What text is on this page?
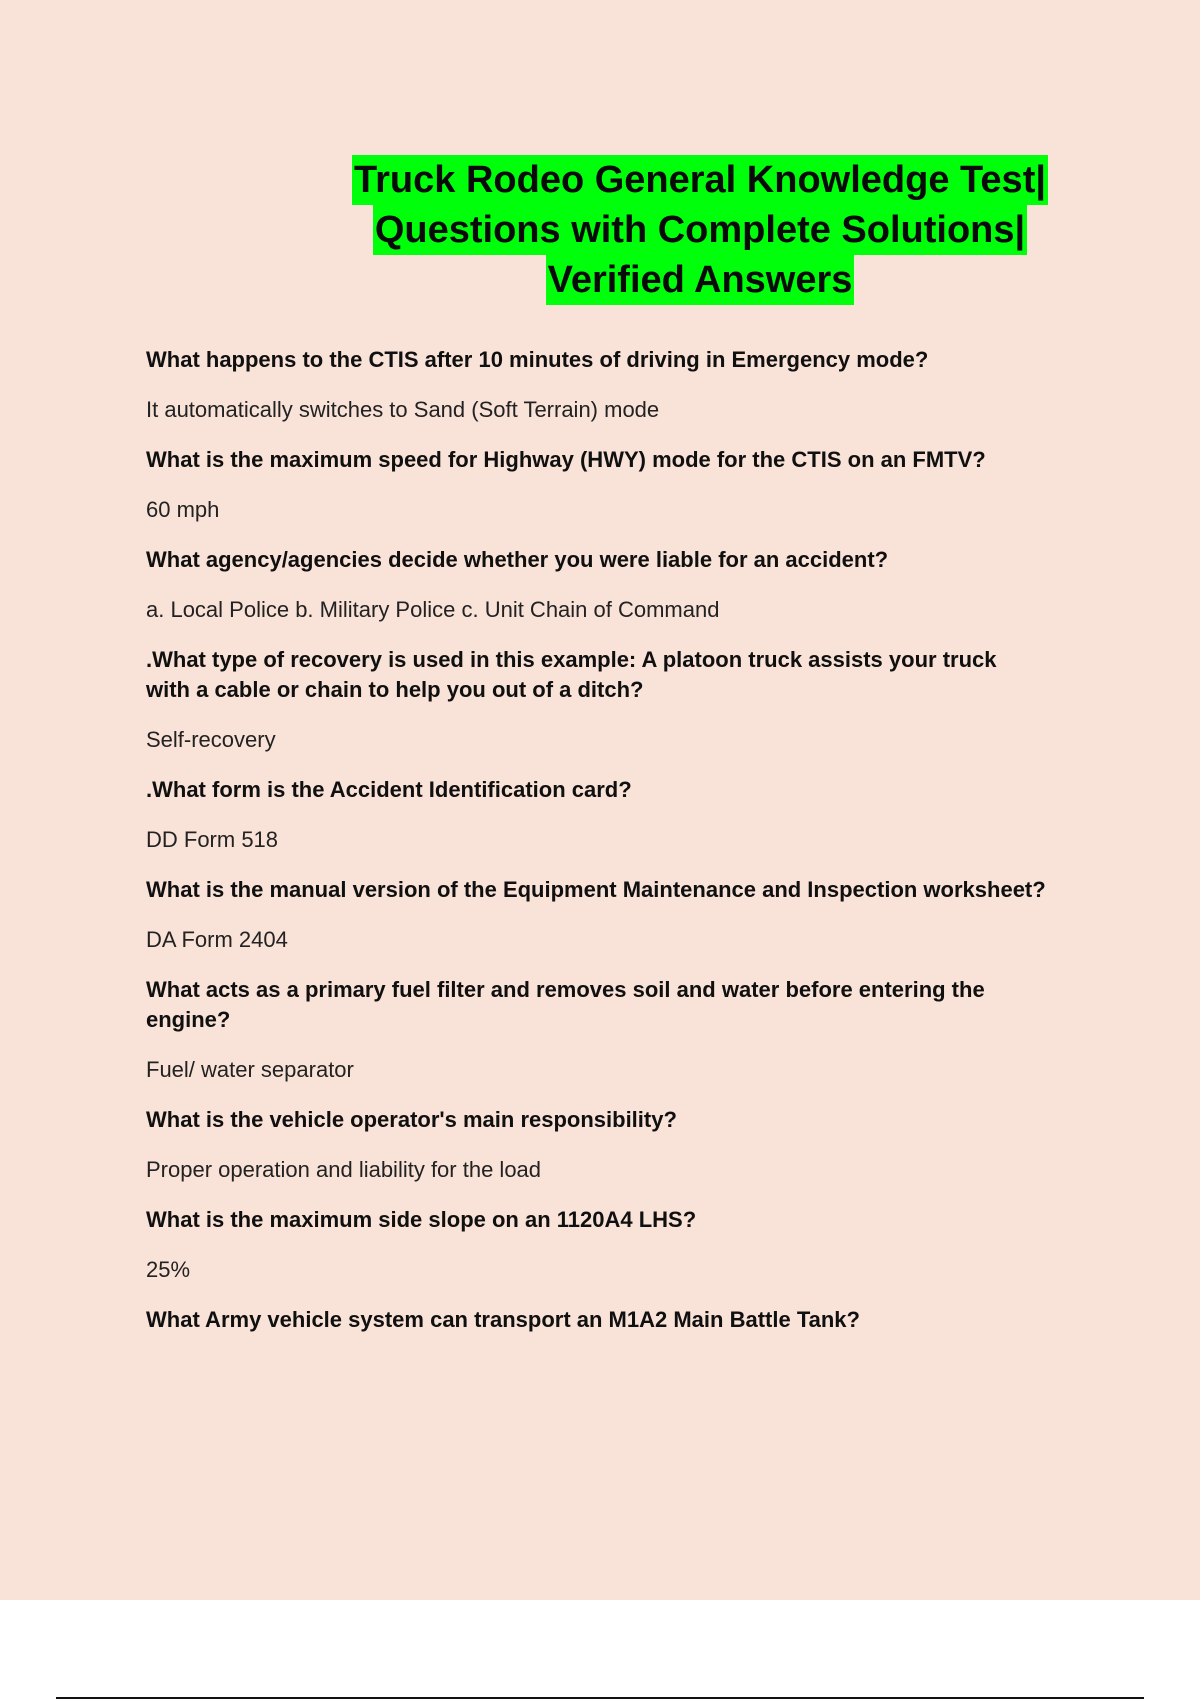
Truck Rodeo General Knowledge Test|
Questions with Complete Solutions|
Verified Answers

What happens to the CTIS after 10 minutes of driving in Emergency mode?

It automatically switches to Sand (Soft Terrain) mode

What is the maximum speed for Highway (HWY) mode for the CTIS on an FMTV?

60 mph

What agency/agencies decide whether you were liable for an accident?

a. Local Police b. Military Police c. Unit Chain of Command

.What type of recovery is used in this example: A platoon truck assists your truck with a cable or chain to help you out of a ditch?

Self-recovery

.What form is the Accident Identification card?

DD Form 518

What is the manual version of the Equipment Maintenance and Inspection worksheet?

DA Form 2404

What acts as a primary fuel filter and removes soil and water before entering the engine?

Fuel/ water separator

What is the vehicle operator's main responsibility?

Proper operation and liability for the load

What is the maximum side slope on an 1120A4 LHS?

25%

What Army vehicle system can transport an M1A2 Main Battle Tank?
